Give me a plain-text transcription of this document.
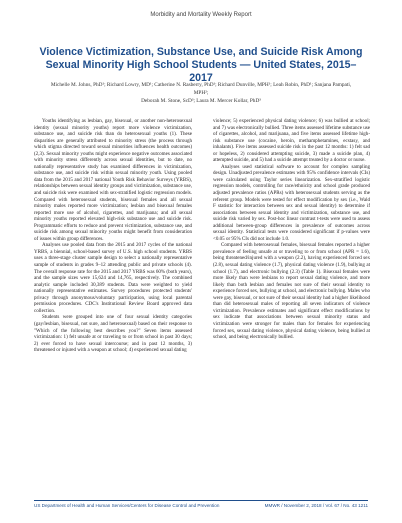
Morbidity and Mortality Weekly Report
Violence Victimization, Substance Use, and Suicide Risk Among Sexual Minority High School Students — United States, 2015–2017
Michelle M. Johns, PhD¹; Richard Lowry, MD¹; Catherine N. Rasberry, PhD¹; Richard Dunville, MPH¹; Leah Robin, PhD¹; Sanjana Pampati, MPH²;
Deborah M. Stone, ScD³; Laura M. Mercer Kollar, PhD³

Youths identifying as lesbian, gay, bisexual, or another non-heterosexual identity (sexual minority youths) report more violence victimization, substance use, and suicide risk than do heterosexual youths (1). These disparities are generally attributed to minority stress (the process through which stigma directed toward sexual minorities influences health outcomes) (2,3). Sexual minority youths might experience negative outcomes associated with minority stress differently across sexual identities, but to date, no nationally representative study has examined differences in victimization, substance use, and suicide risk within sexual minority youth. Using pooled data from the 2015 and 2017 national Youth Risk Behavior Surveys (YRBS), relationships between sexual identity groups and victimization, substance use, and suicide risk were examined with sex-stratified logistic regression models. Compared with heterosexual students, bisexual females and all sexual minority males reported more victimization; lesbian and bisexual females reported more use of alcohol, cigarettes, and marijuana; and all sexual minority youths reported elevated high-risk substance use and suicide risk. Programmatic efforts to reduce and prevent victimization, substance use, and suicide risk among sexual minority youths might benefit from consideration of issues within group differences.

Analyses use pooled data from the 2015 and 2017 cycles of the national YRBS, a biennial, school-based survey of U.S. high school students. YRBS uses a three-stage cluster sample design to select a nationally representative sample of students in grades 9–12 attending public and private schools (4). The overall response rate for the 2015 and 2017 YRBS was 60% (both years), and the sample sizes were 15,624 and 14,765, respectively. The combined analytic sample included 30,389 students. Data were weighted to yield nationally representative estimates. Survey procedures protected students' privacy through anonymous/voluntary participation, using local parental permission procedures. CDC's Institutional Review Board approved data collection.

Students were grouped into one of four sexual identity categories (gay/lesbian, bisexual, not sure, and heterosexual) based on their response to "Which of the following best describes you?" Seven items assessed victimization: 1) felt unsafe at or traveling to or from school in past 30 days; 2) ever forced to have sexual intercourse; and in past 12 months, 3) threatened or injured with a weapon at school; 4) experienced sexual dating

violence; 5) experienced physical dating violence; 6) was bullied at school; and 7) was electronically bullied. Three items assessed lifetime substance use of cigarettes, alcohol, and marijuana, and five items assessed lifetime high-risk substance use (cocaine, heroin, methamphetamines, ecstasy, and inhalants). Five items assessed suicide risk in the past 12 months: 1) felt sad or hopeless, 2) considered attempting suicide, 3) made a suicide plan, 4) attempted suicide, and 5) had a suicide attempt treated by a doctor or nurse.

Analyses used statistical software to account for complex sampling design. Unadjusted prevalence estimates with 95% confidence intervals (CIs) were calculated using Taylor series linearization. Sex-stratified logistic regression models, controlling for race/ethnicity and school grade produced adjusted prevalence ratios (APRs) with heterosexual students serving as the referent group. Models were tested for effect modification by sex (i.e., Wald F statistic for interaction between sex and sexual identity) to determine if associations between sexual identity and victimization, substance use, and suicide risk varied by sex. Post-hoc linear contrast t-tests were used to assess additional between-group differences in prevalence of outcomes across sexual identity. Statistical tests were considered significant if p-values were <0.05 or 95% CIs did not include 1.0.

Compared with heterosexual females, bisexual females reported a higher prevalence of feeling unsafe at or traveling to or from school (APR = 1.6), being threatened/injured with a weapon (2.2), having experienced forced sex (2.8), sexual dating violence (1.7), physical dating violence (1.9), bullying at school (1.7), and electronic bullying (2.3) (Table 1). Bisexual females were more likely than were lesbians to report sexual dating violence, and more likely than both lesbian and females not sure of their sexual identity to experience forced sex, bullying at school, and electronic bullying. Males who were gay, bisexual, or not sure of their sexual identity had a higher likelihood than did heterosexual males of reporting all seven indicators of violence victimization. Prevalence estimates and significant effect modifications by sex indicate that associations between sexual minority status and victimization were stronger for males than for females for experiencing forced sex, sexual dating violence, physical dating violence, being bullied at school, and being electronically bullied.

US Department of Health and Human Services/Centers for Disease Control and Prevention	MMWR / November 2, 2018 / Vol. 67 / No. 43 1211
